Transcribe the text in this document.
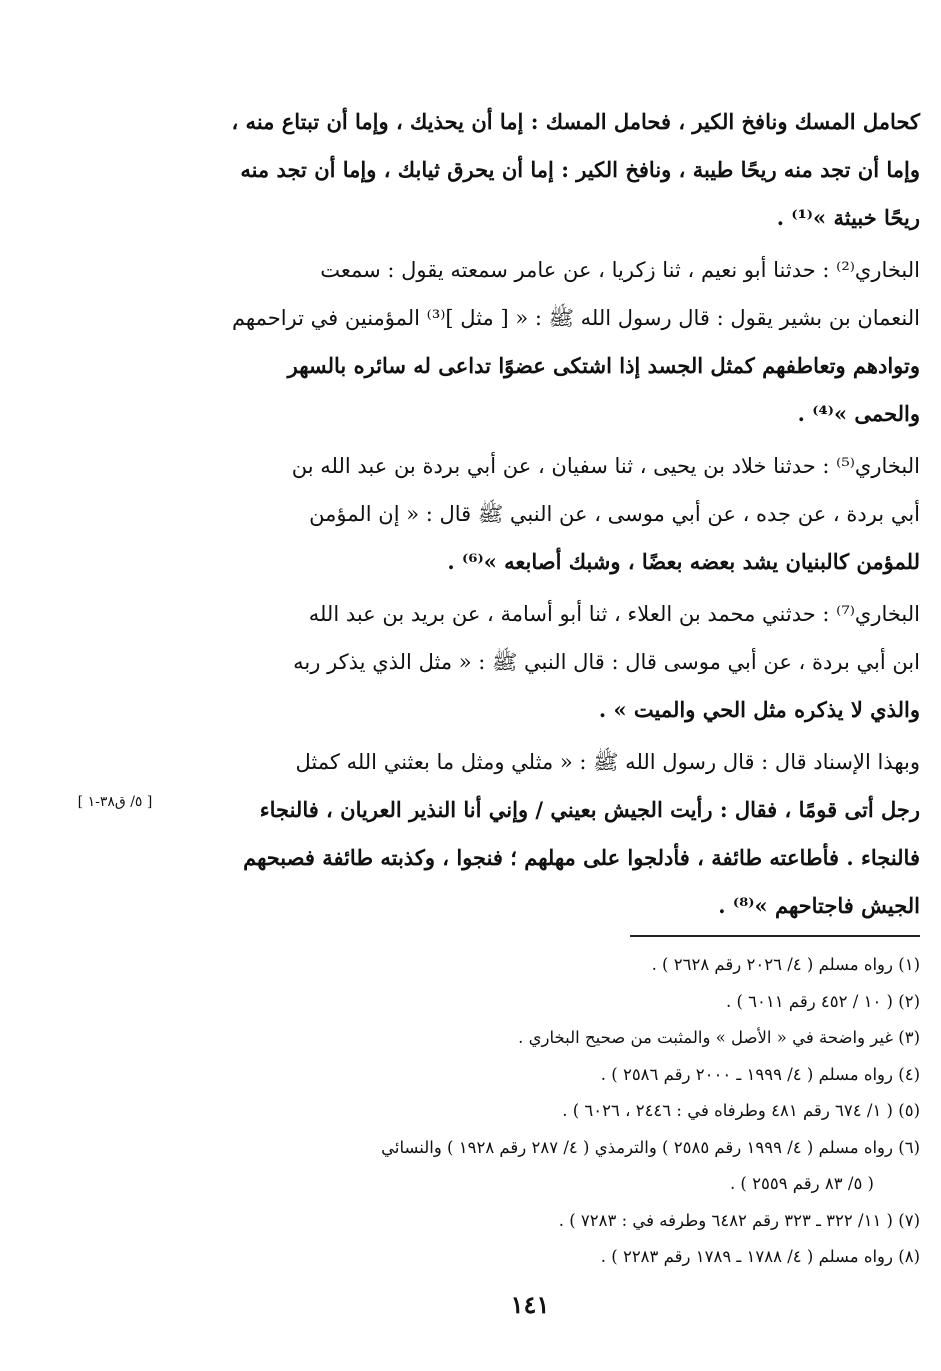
كحامل المسك ونافخ الكير ، فحامل المسك : إما أن يحذيك ، وإما أن تبتاع منه ،

وإما أن تجد منه ريحًا طيبة ، ونافخ الكير : إما أن يحرق ثيابك ، وإما أن تجد منه

ريحًا خبيثة »⁽¹⁾ .

البخاري⁽²⁾ : حدثنا أبو نعيم ، ثنا زكريا ، عن عامر سمعته يقول : سمعت

النعمان بن بشير يقول : قال رسول الله ﷺ : « [ مثل ]⁽³⁾ المؤمنين في تراحمهم

وتوادهم وتعاطفهم كمثل الجسد إذا اشتكى عضوًا تداعى له سائره بالسهر

والحمى »⁽⁴⁾ .

البخاري⁽⁵⁾ : حدثنا خلاد بن يحيى ، ثنا سفيان ، عن أبي بردة بن عبد الله بن

أبي بردة ، عن جده ، عن أبي موسى ، عن النبي ﷺ قال : « إن المؤمن

للمؤمن كالبنيان يشد بعضه بعضًا ، وشبك أصابعه »⁽⁶⁾ .

البخاري⁽⁷⁾ : حدثني محمد بن العلاء ، ثنا أبو أسامة ، عن بريد بن عبد الله

ابن أبي بردة ، عن أبي موسى قال : قال النبي ﷺ : « مثل الذي يذكر ربه

والذي لا يذكره مثل الحي والميت » .

وبهذا الإسناد قال : قال رسول الله ﷺ : « مثلي ومثل ما بعثني الله كمثل

رجل أتى قومًا ، فقال : رأيت الجيش بعيني / وإني أنا النذير العريان ، فالنجاء

فالنجاء . فأطاعته طائفة ، فأدلجوا على مهلهم ؛ فنجوا ، وكذبته طائفة فصبحهم

الجيش فاجتاحهم »⁽⁸⁾ .

[ ٥/ ق٣٨-١ ]

(١) رواه مسلم ( ٤/ ٢٠٢٦ رقم ٢٦٢٨ ) .

(٢) ( ١٠ / ٤٥٢ رقم ٦٠١١ ) .

(٣) غير واضحة في « الأصل » والمثبت من صحيح البخاري .

(٤) رواه مسلم ( ٤/ ١٩٩٩ ـ ٢٠٠٠ رقم ٢٥٨٦ ) .

(٥) ( ١/ ٦٧٤ رقم ٤٨١ وطرفاه في : ٢٤٤٦ ، ٦٠٢٦ ) .

(٦) رواه مسلم ( ٤/ ١٩٩٩ رقم ٢٥٨٥ ) والترمذي ( ٤/ ٢٨٧ رقم ١٩٢٨ ) والنسائي

( ٥/ ٨٣ رقم ٢٥٥٩ ) .

(٧) ( ١١/ ٣٢٢ ـ ٣٢٣ رقم ٦٤٨٢ وطرفه في : ٧٢٨٣ ) .

(٨) رواه مسلم ( ٤/ ١٧٨٨ ـ ١٧٨٩ رقم ٢٢٨٣ ) .

١٤١
